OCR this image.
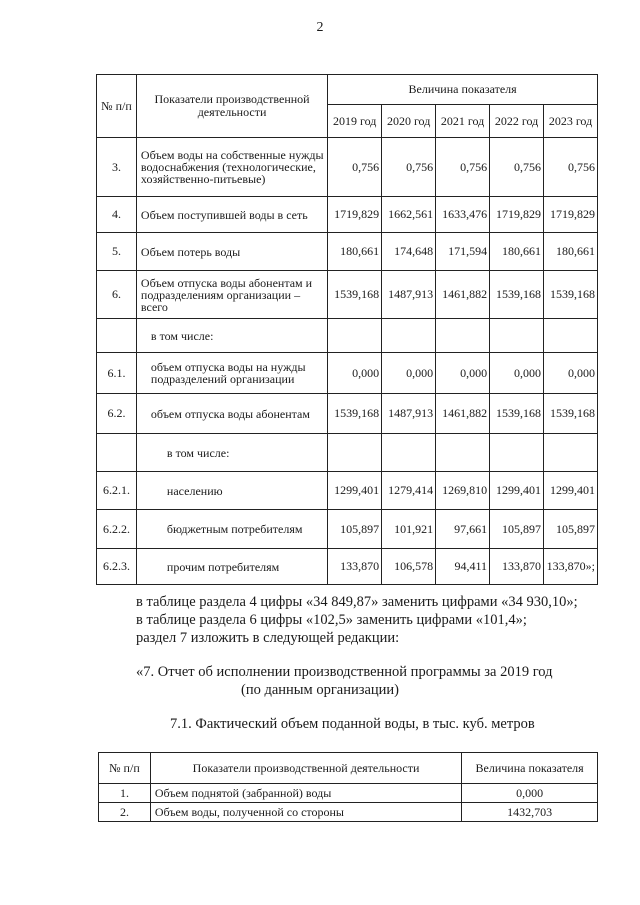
2
№ п/п	Показатели производственной деятельности	Величина показателя				
		2019 год	2020 год	2021 год	2022 год	2023 год
3.	Объем воды на собственные нужды водоснабжения (технологические, хозяйственно-питьевые)	0,756	0,756	0,756	0,756	0,756
4.	Объем поступившей воды в сеть	1719,829	1662,561	1633,476	1719,829	1719,829
5.	Объем потерь воды	180,661	174,648	171,594	180,661	180,661
6.	Объем отпуска воды абонентам и подразделениям организации – всего	1539,168	1487,913	1461,882	1539,168	1539,168
	в том числе:					
6.1.	объем отпуска воды на нужды подразделений организации	0,000	0,000	0,000	0,000	0,000
6.2.	объем отпуска воды абонентам	1539,168	1487,913	1461,882	1539,168	1539,168
	в том числе:					
6.2.1.	населению	1299,401	1279,414	1269,810	1299,401	1299,401
6.2.2.	бюджетным потребителям	105,897	101,921	97,661	105,897	105,897
6.2.3.	прочим потребителям	133,870	106,578	94,411	133,870	133,870»;
в таблице раздела 4 цифры «34 849,87» заменить цифрами «34 930,10»;
в таблице раздела 6 цифры «102,5» заменить цифрами «101,4»;
раздел 7 изложить в следующей редакции:
«7. Отчет об исполнении производственной программы за 2019 год
(по данным организации)
7.1. Фактический объем поданной воды, в тыс. куб. метров
№ п/п	Показатели производственной деятельности	Величина показателя
1.	Объем поднятой (забранной) воды	0,000
2.	Объем воды, полученной со стороны	1432,703
